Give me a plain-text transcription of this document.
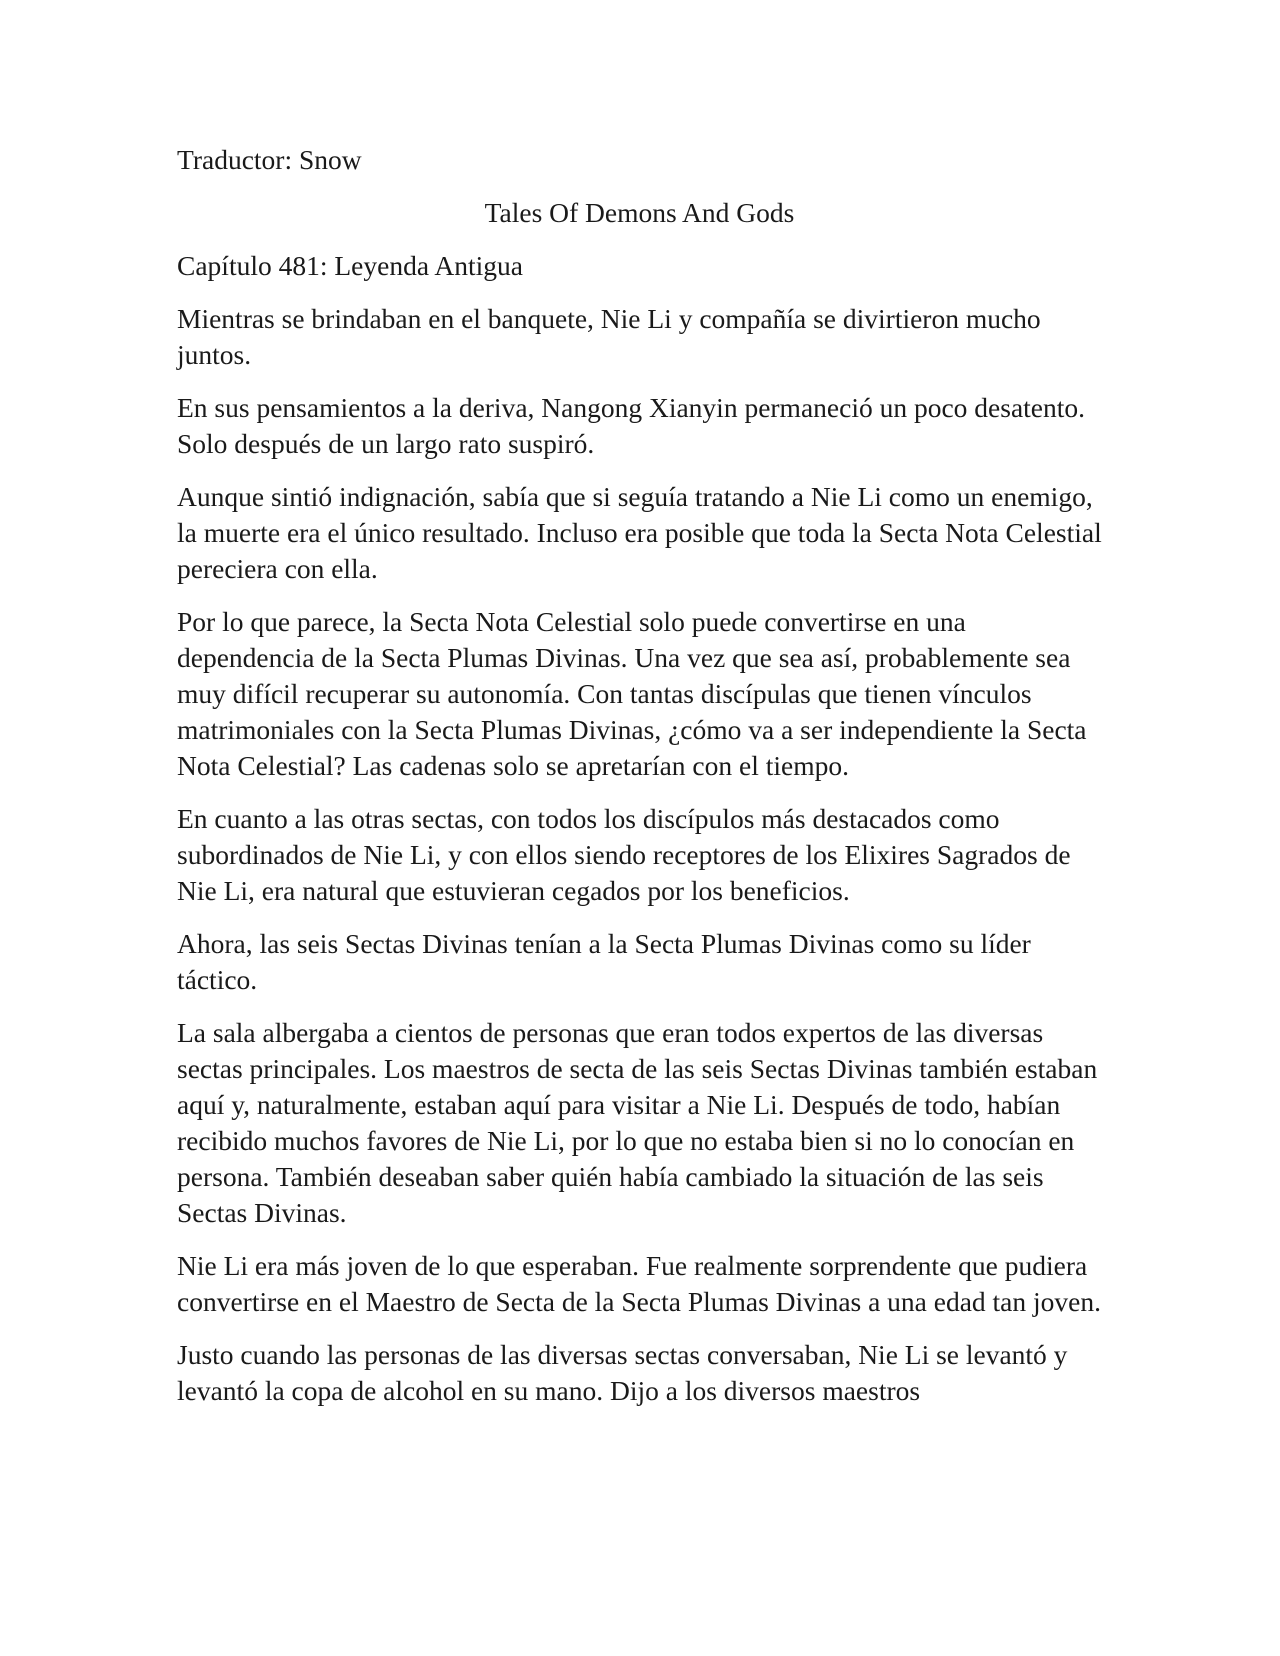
Traductor: Snow

Tales Of Demons And Gods

Capítulo 481: Leyenda Antigua

Mientras se brindaban en el banquete, Nie Li y compañía se divirtieron mucho juntos.

En sus pensamientos a la deriva, Nangong Xianyin permaneció un poco desatento. Solo después de un largo rato suspiró.

Aunque sintió indignación, sabía que si seguía tratando a Nie Li como un enemigo, la muerte era el único resultado. Incluso era posible que toda la Secta Nota Celestial pereciera con ella.

Por lo que parece, la Secta Nota Celestial solo puede convertirse en una dependencia de la Secta Plumas Divinas. Una vez que sea así, probablemente sea muy difícil recuperar su autonomía. Con tantas discípulas que tienen vínculos matrimoniales con la Secta Plumas Divinas, ¿cómo va a ser independiente la Secta Nota Celestial? Las cadenas solo se apretarían con el tiempo.

En cuanto a las otras sectas, con todos los discípulos más destacados como subordinados de Nie Li, y con ellos siendo receptores de los Elixires Sagrados de Nie Li, era natural que estuvieran cegados por los beneficios.

Ahora, las seis Sectas Divinas tenían a la Secta Plumas Divinas como su líder táctico.

La sala albergaba a cientos de personas que eran todos expertos de las diversas sectas principales. Los maestros de secta de las seis Sectas Divinas también estaban aquí y, naturalmente, estaban aquí para visitar a Nie Li. Después de todo, habían recibido muchos favores de Nie Li, por lo que no estaba bien si no lo conocían en persona. También deseaban saber quién había cambiado la situación de las seis Sectas Divinas.

Nie Li era más joven de lo que esperaban. Fue realmente sorprendente que pudiera convertirse en el Maestro de Secta de la Secta Plumas Divinas a una edad tan joven.

Justo cuando las personas de las diversas sectas conversaban, Nie Li se levantó y levantó la copa de alcohol en su mano. Dijo a los diversos maestros
